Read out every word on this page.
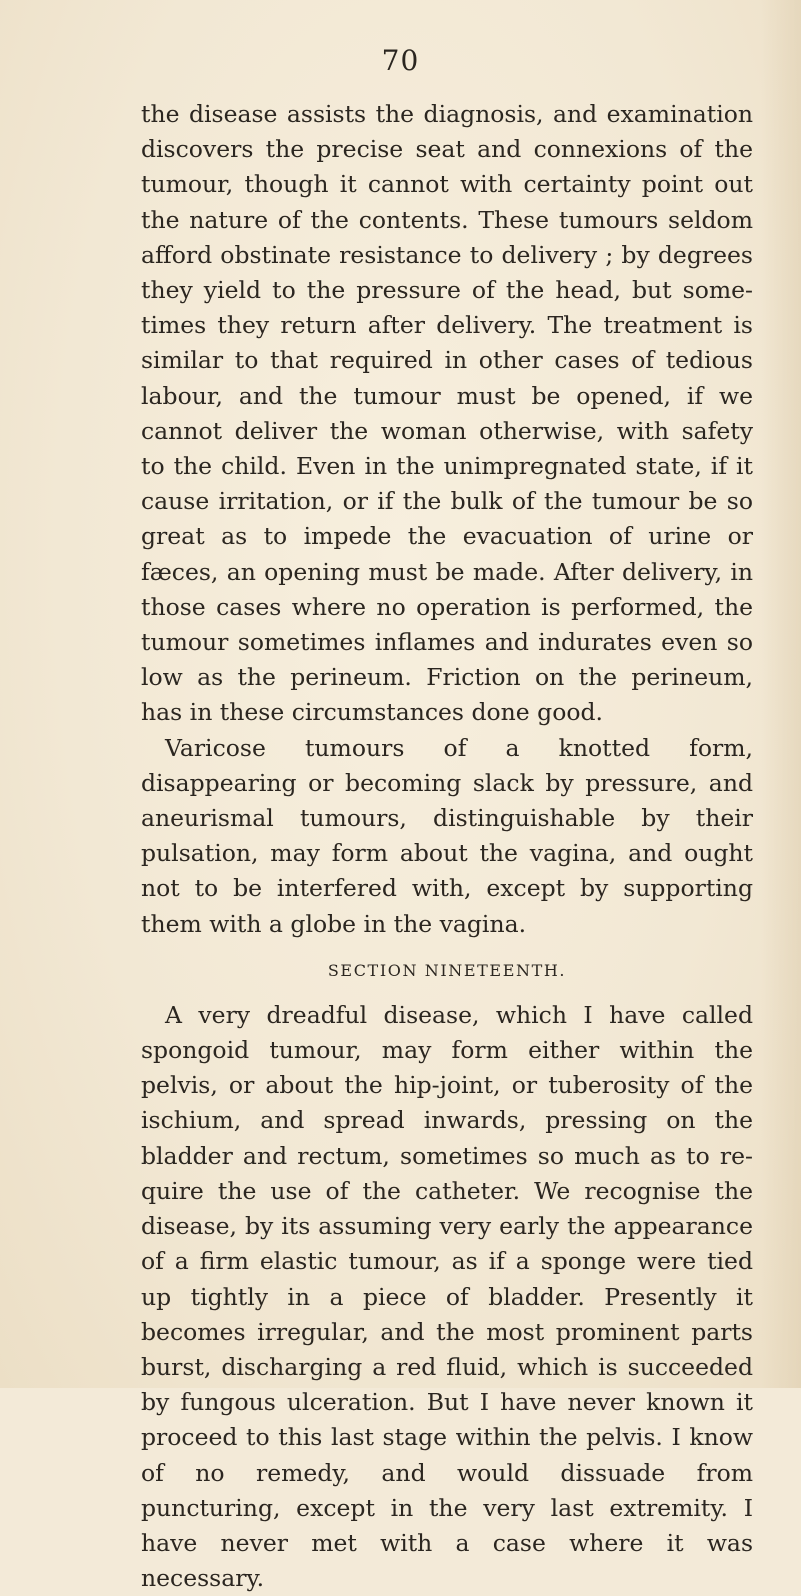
70

the disease assists the diagnosis, and examination discovers the precise seat and connexions of the tumour, though it cannot with certainty point out the nature of the contents. These tumours seldom afford obstinate resistance to delivery ; by degrees they yield to the pressure of the head, but sometimes they return after delivery. The treatment is similar to that required in other cases of tedious labour, and the tumour must be opened, if we cannot deliver the woman otherwise, with safety to the child. Even in the unimpregnated state, if it cause irritation, or if the bulk of the tumour be so great as to impede the evacuation of urine or fæces, an opening must be made. After delivery, in those cases where no operation is performed, the tumour sometimes inflames and indurates even so low as the perineum. Friction on the perineum, has in these circumstances done good.

Varicose tumours of a knotted form, disappearing or becoming slack by pressure, and aneurismal tumours, distinguishable by their pulsation, may form about the vagina, and ought not to be interfered with, except by supporting them with a globe in the vagina.

SECTION NINETEENTH.

A very dreadful disease, which I have called spongoid tumour, may form either within the pelvis, or about the hip-joint, or tuberosity of the ischium, and spread inwards, pressing on the bladder and rectum, sometimes so much as to require the use of the catheter. We recognise the disease, by its assuming very early the appearance of a firm elastic tumour, as if a sponge were tied up tightly in a piece of bladder. Presently it becomes irregular, and the most prominent parts burst, discharging a red fluid, which is succeeded by fungous ulceration. But I have never known it proceed to this last stage within the pelvis. I know of no remedy, and would dissuade from puncturing, except in the very last extremity. I have never met with a case where it was necessary.
